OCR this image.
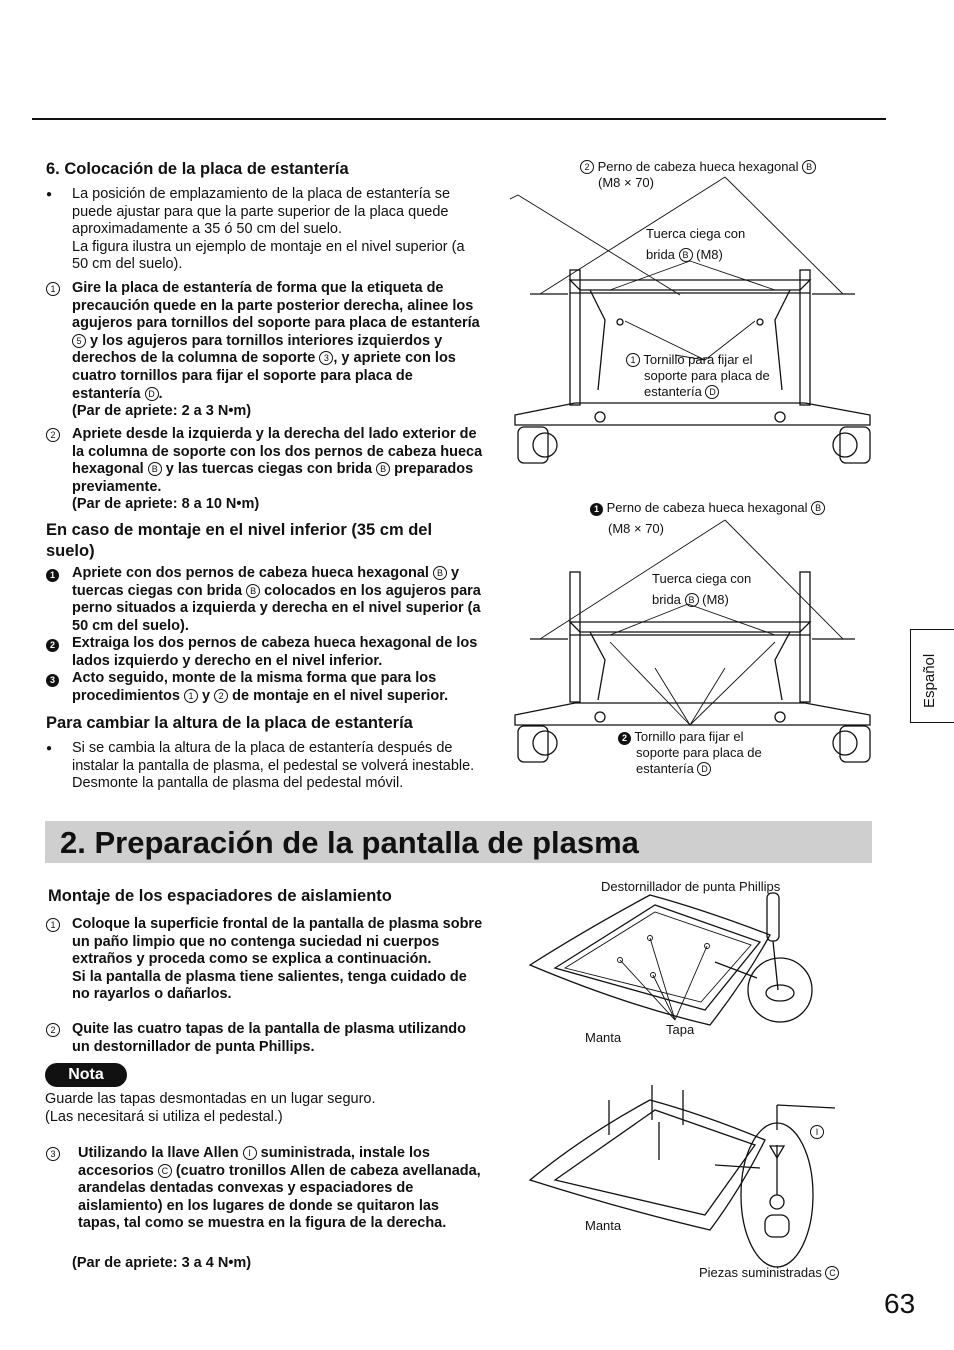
6. Colocación de la placa de estantería
●	La posición de emplazamiento de la placa de estantería se puede ajustar para que la parte superior de la placa quede aproximadamente a 35 ó 50 cm del suelo.
La figura ilustra un ejemplo de montaje en el nivel superior (a 50 cm del suelo).
1	Gire la placa de estantería de forma que la etiqueta de precaución quede en la parte posterior derecha, alinee los agujeros para tornillos del soporte para placa de estantería 5 y los agujeros para tornillos interiores izquierdos y derechos de la columna de soporte 3 , y apriete con los cuatro tornillos para fijar el soporte para placa de estantería D .
(Par de apriete: 2 a 3 N•m)
2	Apriete desde la izquierda y la derecha del lado exterior de la columna de soporte con los dos pernos de cabeza hueca hexagonal B y las tuercas ciegas con brida B preparados previamente.
(Par de apriete: 8 a 10 N•m)
En caso de montaje en el nivel inferior (35 cm del suelo)
1	Apriete con dos pernos de cabeza hueca hexagonal B y tuercas ciegas con brida B colocados en los agujeros para perno situados a izquierda y derecha en el nivel superior (a 50 cm del suelo).
2	Extraiga los dos pernos de cabeza hueca hexagonal de los lados izquierdo y derecho en el nivel inferior.
3	Acto seguido, monte de la misma forma que para los procedimientos 1 y 2 de montaje en el nivel superior.
Para cambiar la altura de la placa de estantería
●	Si se cambia la altura de la placa de estantería después de instalar la pantalla de plasma, el pedestal se volverá inestable. Desmonte la pantalla de plasma del pedestal móvil.
2 Perno de cabeza hueca hexagonal B
(M8 × 70)
Tuerca ciega con
brida B (M8)
1 Tornillo para fijar el
soporte para placa de
estantería D
1 Perno de cabeza hueca hexagonal B
(M8 × 70)
Tuerca ciega con
brida B (M8)
2 Tornillo para fijar el
soporte para placa de
estantería D
2. Preparación de la pantalla de plasma
Montaje de los espaciadores de aislamiento
1	Coloque la superficie frontal de la pantalla de plasma sobre un paño limpio que no contenga suciedad ni cuerpos extraños y proceda como se explica a continuación.
Si la pantalla de plasma tiene salientes, tenga cuidado de no rayarlos o dañarlos.
2	Quite las cuatro tapas de la pantalla de plasma utilizando un destornillador de punta Phillips.
Nota
Guarde las tapas desmontadas en un lugar seguro.
(Las necesitará si utiliza el pedestal.)
3	Utilizando la llave Allen I suministrada, instale los accesorios C (cuatro tronillos Allen de cabeza avellanada, arandelas dentadas convexas y espaciadores de aislamiento) en los lugares de donde se quitaron las tapas, tal como se muestra en la figura de la derecha.
(Par de apriete: 3 a 4 N•m)
Destornillador de punta Phillips
Manta
Tapa
Manta
I
Piezas suministradas C
Español
63
